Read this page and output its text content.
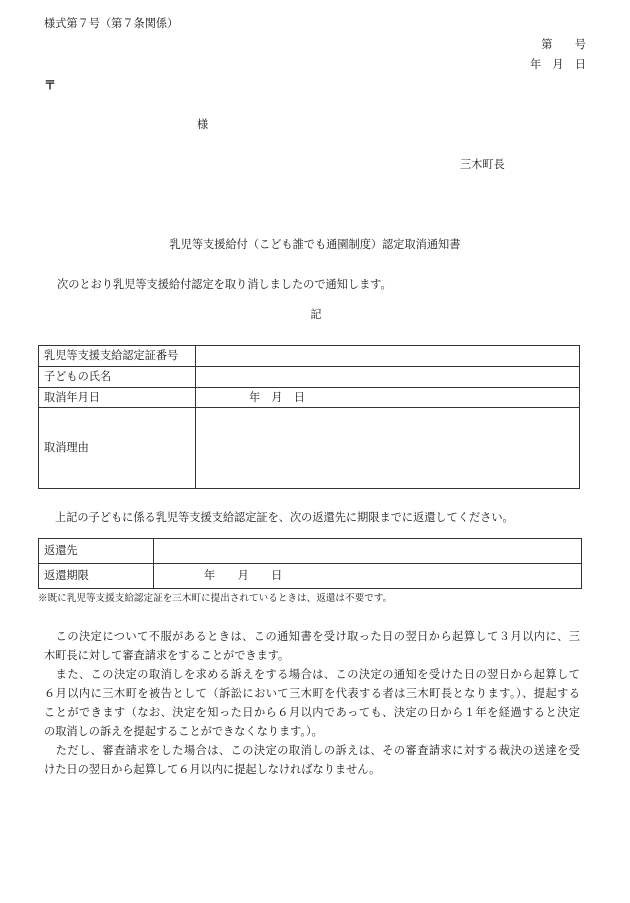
様式第７号（第７条関係）
第　　号
年　月　日
〒
様
三木町長
乳児等支援給付（こども誰でも通園制度）認定取消通知書
次のとおり乳児等支援給付認定を取り消しましたので通知します。
記
乳児等支援支給認定証番号	
子どもの氏名	
取消年月日	年　月　日
取消理由	
上記の子どもに係る乳児等支援支給認定証を、次の返還先に期限までに返還してください。
返還先	
返還期限	年　　月　　日
※既に乳児等支援支給認定証を三木町に提出されているときは、返還は不要です。
　この決定について不服があるときは、この通知書を受け取った日の翌日から起算して３月以内に、三
木町長に対して審査請求をすることができます。
　また、この決定の取消しを求める訴えをする場合は、この決定の通知を受けた日の翌日から起算して
６月以内に三木町を被告として（訴訟において三木町を代表する者は三木町長となります。）、提起する
ことができます（なお、決定を知った日から６月以内であっても、決定の日から１年を経過すると決定
の取消しの訴えを提起することができなくなります。）。
　ただし、審査請求をした場合は、この決定の取消しの訴えは、その審査請求に対する裁決の送達を受
けた日の翌日から起算して６月以内に提起しなければなりません。
